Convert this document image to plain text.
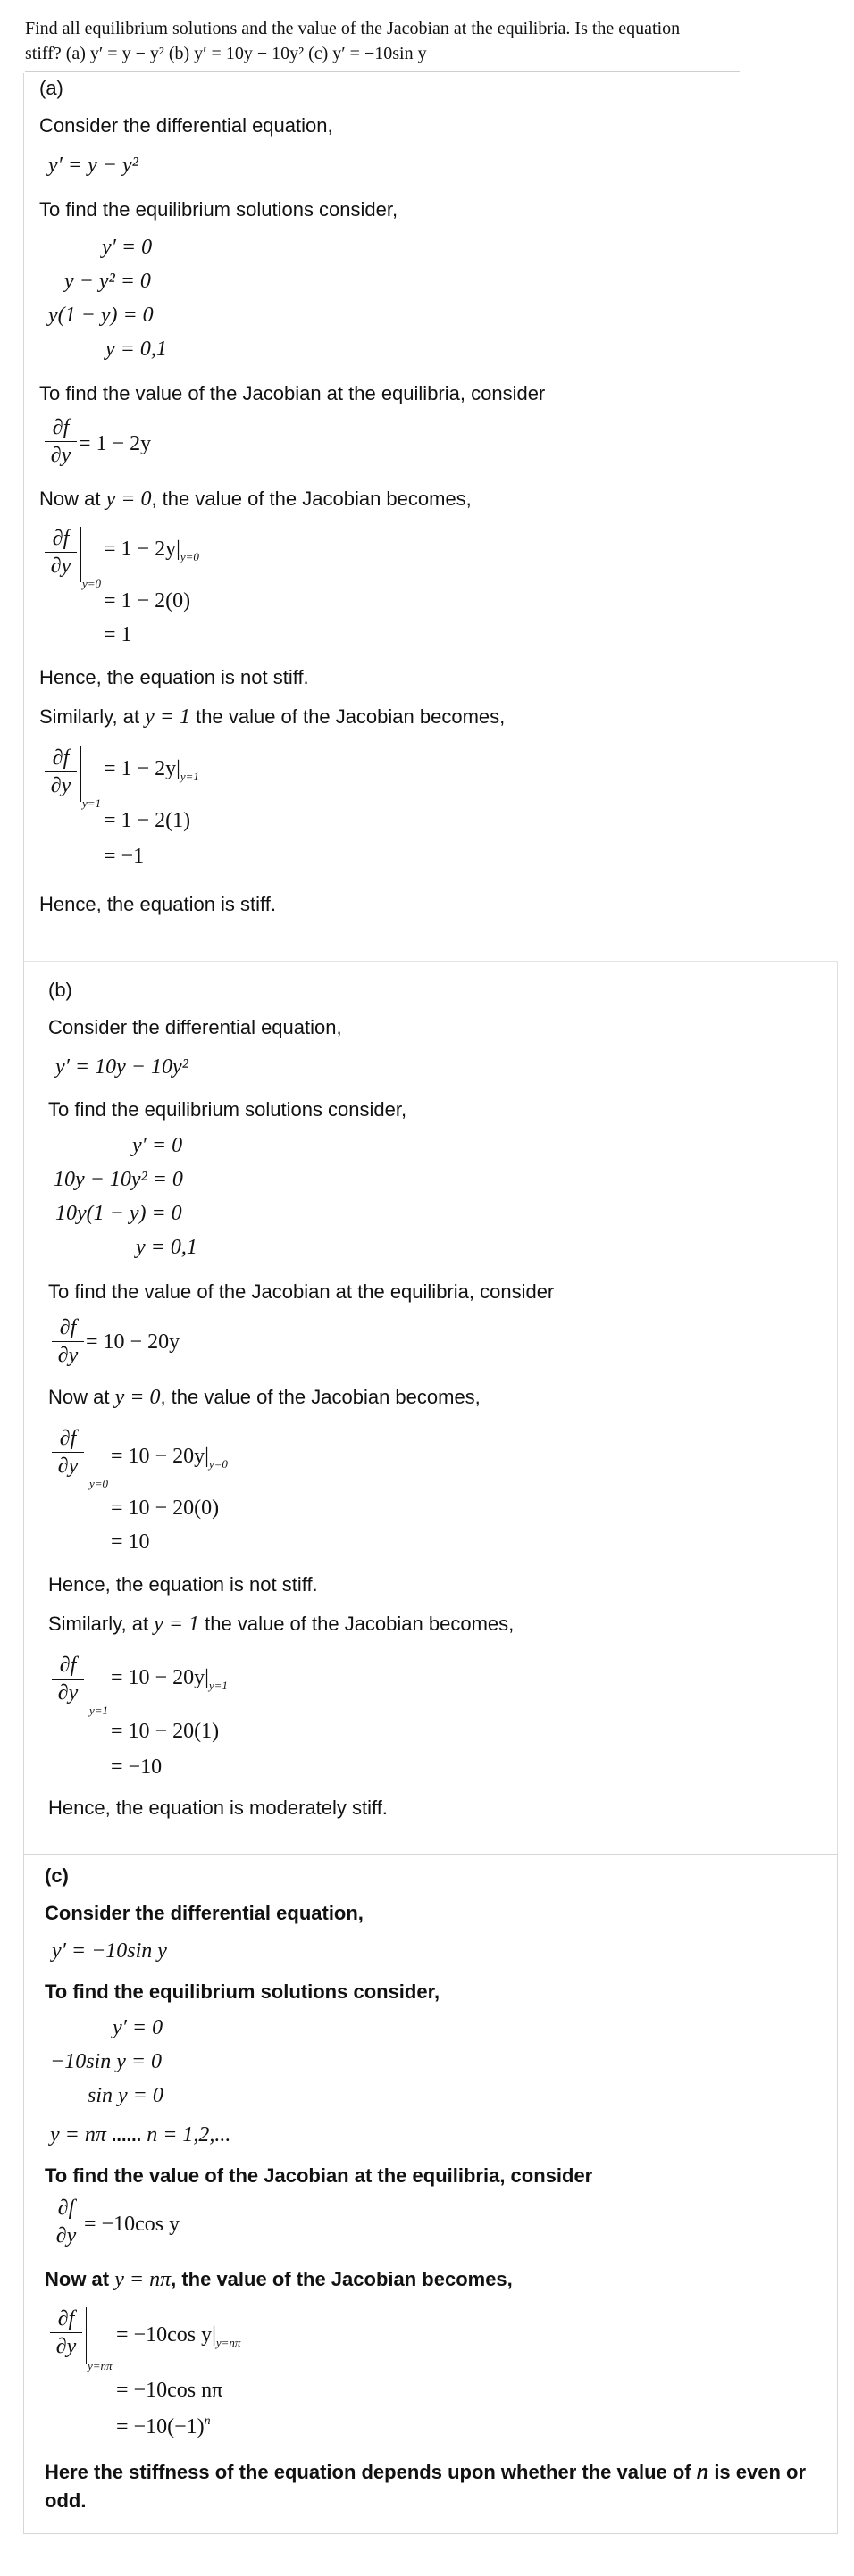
Find all equilibrium solutions and the value of the Jacobian at the equilibria. Is the equation

stiff? (a) y′ = y − y² (b) y′ = 10y − 10y² (c) y′ = −10sin y

(a)
Consider the differential equation,
y′ = y − y²
To find the equilibrium solutions consider,
y′ = 0
y − y² = 0
y(1 − y) = 0
y = 0,1
To find the value of the Jacobian at the equilibria, consider
∂f
∂y = 1 − 2y
Now at y = 0, the value of the Jacobian becomes,
∂f
∂y
y=0
= $1 - 2y|_{y=0}$
= 1 − 2(0)
= 1
Hence, the equation is not stiff.
Similarly, at y = 1 the value of the Jacobian becomes,
∂f
∂y
y=1
= $1 - 2y|_{y=1}$
= 1 − 2(1)
= −1
Hence, the equation is stiff.
(b)
Consider the differential equation,
y′ = 10y − 10y²
To find the equilibrium solutions consider,
y′ = 0
10y − 10y² = 0
10y(1 − y) = 0
y = 0,1
To find the value of the Jacobian at the equilibria, consider
∂f
∂y
= 10 − 20y
Now at y = 0, the value of the Jacobian becomes,
∂f
∂y
y=0
= $10 - 20y|_{y=0}$
= 10 − 20(0)
= 10
Hence, the equation is not stiff.
Similarly, at y = 1 the value of the Jacobian becomes,
∂f
∂y
y=1
= $10 - 20y|_{y=1}$
= 10 − 20(1)
= −10
Hence, the equation is moderately stiff.
(c)
Consider the differential equation,
y′ = −10sin y
To find the equilibrium solutions consider,
y′ = 0
−10sin y = 0
sin y = 0
y = nπ ...... n = 1,2,...
To find the value of the Jacobian at the equilibria, consider
∂f
∂y = −10cos y
Now at y = nπ, the value of the Jacobian becomes,
∂f
∂y
y=nπ
= −10cos $y|_{y=n\pi}$
= −10cos nπ
= $-10(-1)^n$
Here the stiffness of the equation depends upon whether the value of n is even or
odd.
